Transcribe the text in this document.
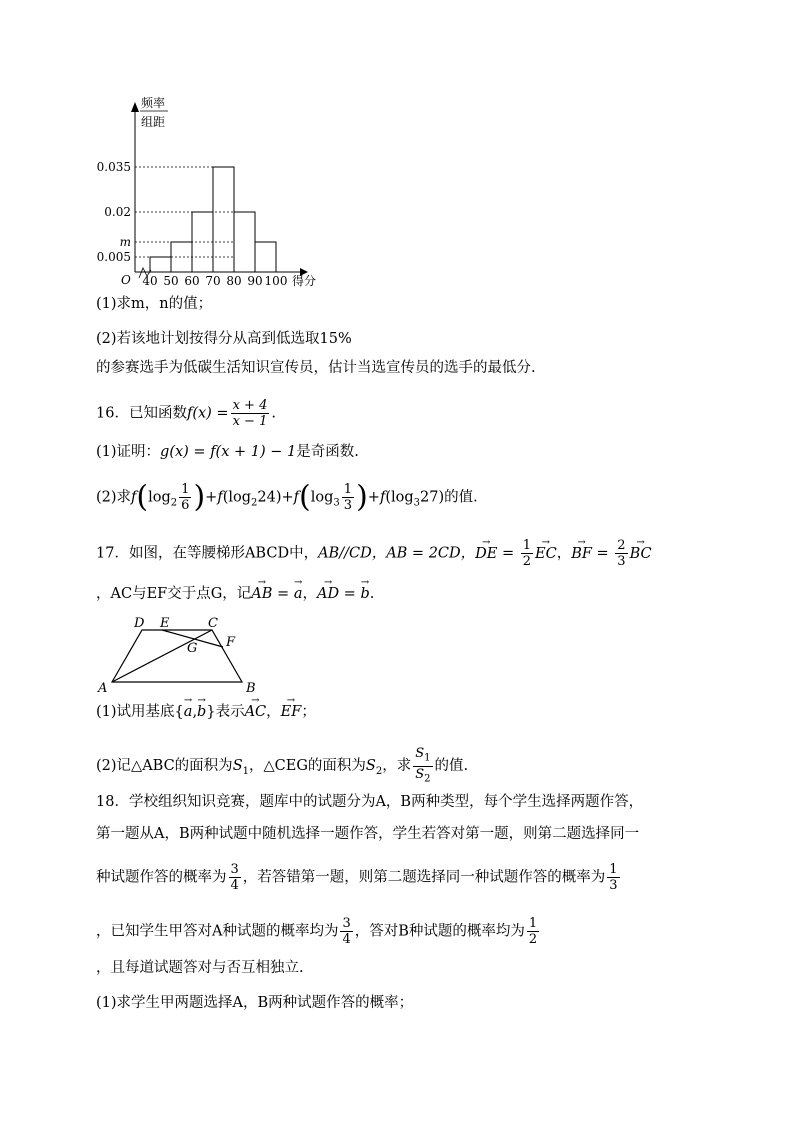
0.035
0.02
m
0.005
40 50 60 70 80 90 100
O
频率
组距
得分
(1)求m，n的值；
(2)若该地计划按得分从高到低选取15%
的参赛选手为低碳生活知识宣传员，估计当选宣传员的选手的最低分.
16．已知函数$f(x) = \frac{x + 4}{x - 1}$ .
(1)证明：g(x) = f(x + 1) − 1是奇函数.
(2)求$f(\log_2 \frac{1}{6} )+f(\log_224)+f(\log_3 \frac{1}{3} )+f(\log_327)$的值.
17．如图，在等腰梯形ABCD中，AB//CD，AB = 2CD，→ DE = $\frac{1}{2}$ → EC，→ BF = $\frac{2}{3}$ → BC
，AC与EF交于点G，记→ AB = → a，→ AD = → b.
D E	C
F
G
A	B
(1)试用基底{→ a,→ b}表示→ AC，→ EF；
(2)记△ABC的面积为$S_1$，△CEG的面积为$S_2$，求 $\frac{S_1}{S_2}$ 的值.
18．学校组织知识竞赛，题库中的试题分为A，B两种类型，每个学生选择两题作答，
第一题从A，B两种试题中随机选择一题作答，学生若答对第一题，则第二题选择同一
种试题作答的概率为 $\frac{3}{4}$ ，若答错第一题，则第二题选择同一种试题作答的概率为 $\frac{1}{3}$
，已知学生甲答对A种试题的概率均为 $\frac{3}{4}$ ，答对B种试题的概率均为 $\frac{1}{2}$
，且每道试题答对与否互相独立.
(1)求学生甲两题选择A，B两种试题作答的概率；
